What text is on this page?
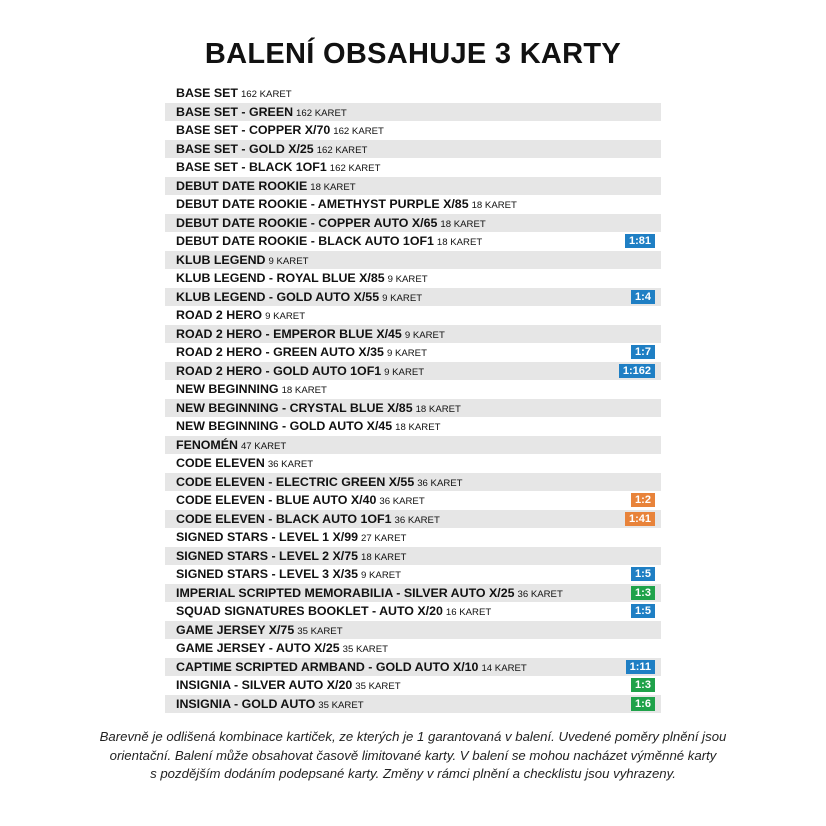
BALENÍ OBSAHUJE 3 KARTY
BASE SET 162 KARET
BASE SET - GREEN 162 KARET
BASE SET - COPPER X/70 162 KARET
BASE SET - GOLD X/25 162 KARET
BASE SET - BLACK 1OF1 162 KARET
DEBUT DATE ROOKIE 18 KARET
DEBUT DATE ROOKIE - AMETHYST PURPLE X/85 18 KARET
DEBUT DATE ROOKIE - COPPER AUTO X/65 18 KARET
DEBUT DATE ROOKIE - BLACK AUTO 1OF1 18 KARET	1:81
KLUB LEGEND 9 KARET
KLUB LEGEND - ROYAL BLUE X/85 9 KARET
KLUB LEGEND - GOLD AUTO X/55 9 KARET	1:4
ROAD 2 HERO 9 KARET
ROAD 2 HERO - EMPEROR BLUE X/45 9 KARET
ROAD 2 HERO - GREEN AUTO X/35 9 KARET	1:7
ROAD 2 HERO - GOLD AUTO 1OF1 9 KARET	1:162
NEW BEGINNING 18 KARET
NEW BEGINNING - CRYSTAL BLUE X/85 18 KARET
NEW BEGINNING - GOLD AUTO X/45 18 KARET
FENOMÉN 47 KARET
CODE ELEVEN 36 KARET
CODE ELEVEN - ELECTRIC GREEN X/55 36 KARET
CODE ELEVEN - BLUE AUTO X/40 36 KARET	1:2
CODE ELEVEN - BLACK AUTO 1OF1 36 KARET	1:41
SIGNED STARS - LEVEL 1 X/99 27 KARET
SIGNED STARS - LEVEL 2 X/75 18 KARET
SIGNED STARS - LEVEL 3 X/35 9 KARET	1:5
IMPERIAL SCRIPTED MEMORABILIA - SILVER AUTO X/25 36 KARET	1:3
SQUAD SIGNATURES BOOKLET - AUTO X/20 16 KARET	1:5
GAME JERSEY X/75 35 KARET
GAME JERSEY - AUTO X/25 35 KARET
CAPTIME SCRIPTED ARMBAND - GOLD AUTO X/10 14 KARET	1:11
INSIGNIA - SILVER AUTO X/20 35 KARET	1:3
INSIGNIA - GOLD AUTO 35 KARET	1:6
Barevně je odlišená kombinace kartiček, ze kterých je 1 garantovaná v balení. Uvedené poměry plnění jsou
orientační. Balení může obsahovat časově limitované karty. V balení se mohou nacházet výměnné karty
s pozdějším dodáním podepsané karty. Změny v rámci plnění a checklistu jsou vyhrazeny.
